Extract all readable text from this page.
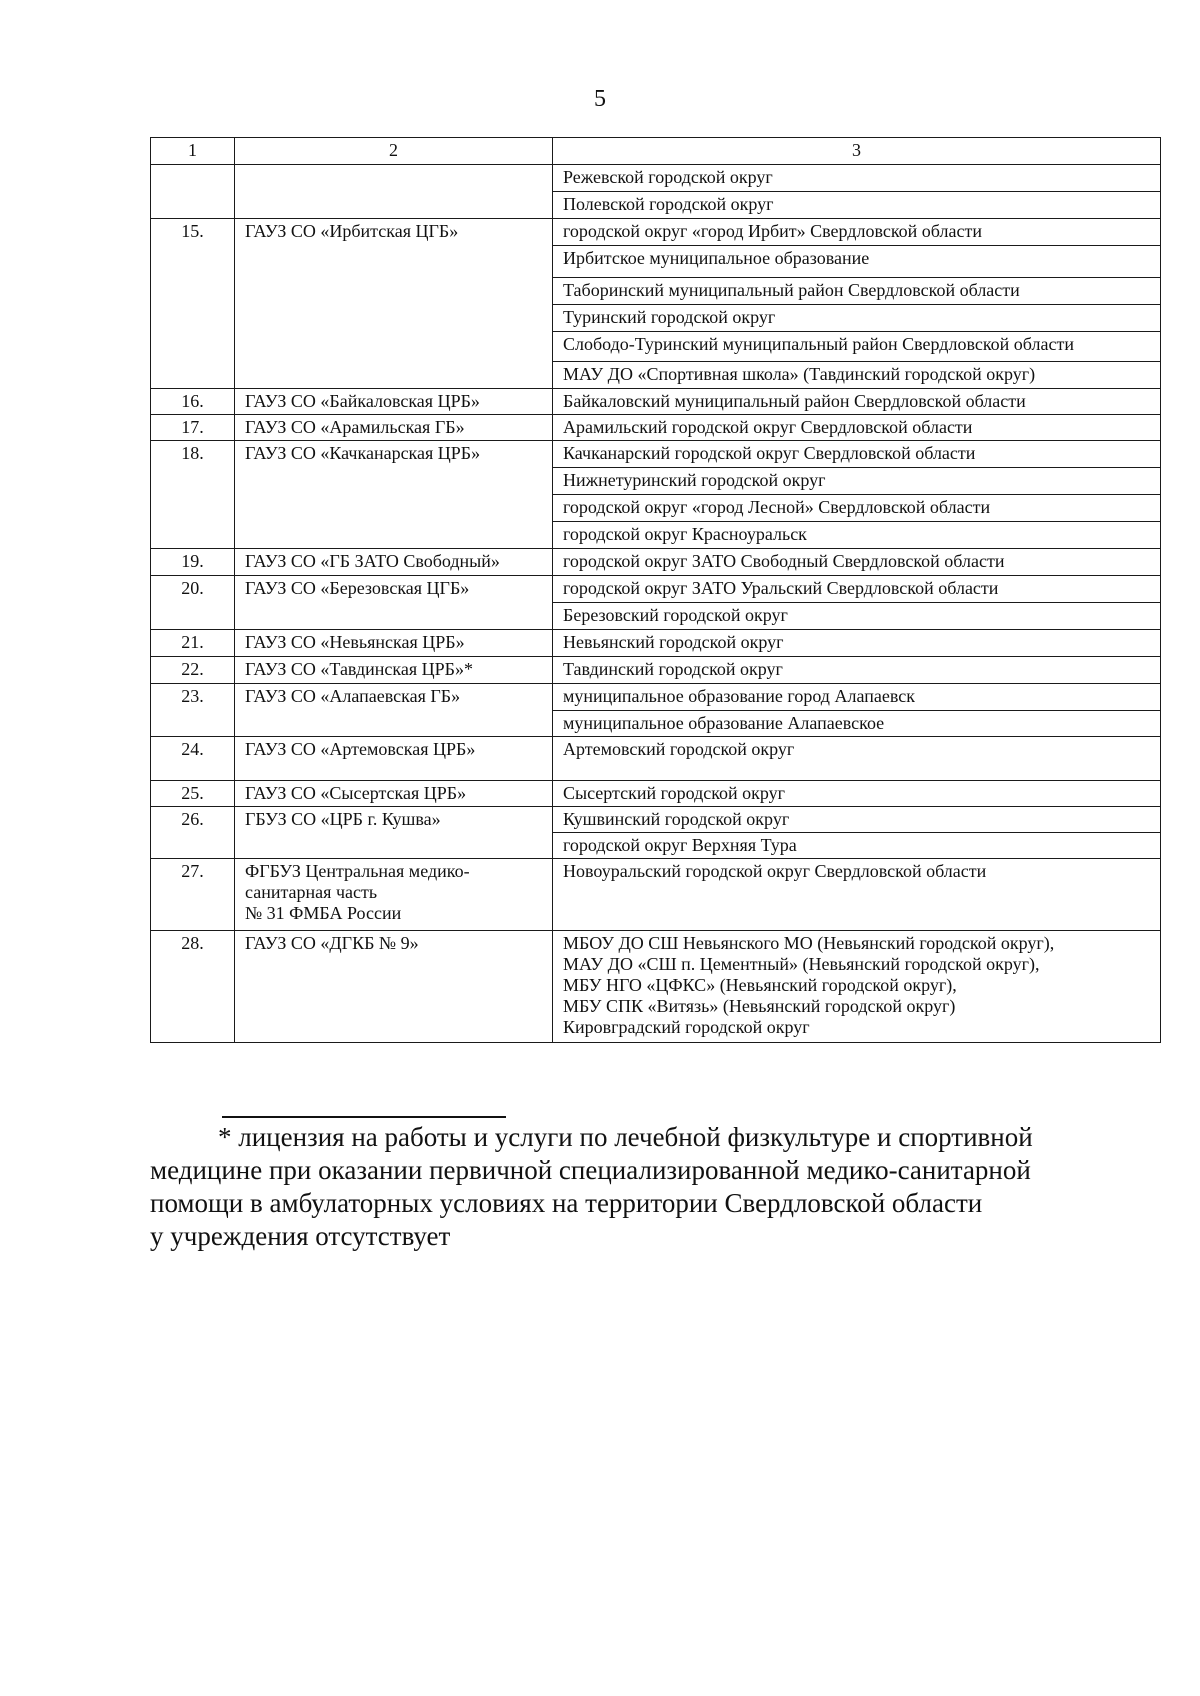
5
1	2	3
		Режевской городской округ
		Полевской городской округ
15.	ГАУЗ СО «Ирбитская ЦГБ»	городской округ «город Ирбит» Свердловской области
		Ирбитское муниципальное образование
		Таборинский муниципальный район Свердловской области
		Туринский городской округ
		Слободо-Туринский муниципальный район Свердловской области
		МАУ ДО «Спортивная школа» (Тавдинский городской округ)
16.	ГАУЗ СО «Байкаловская ЦРБ»	Байкаловский муниципальный район Свердловской области
17.	ГАУЗ СО «Арамильская ГБ»	Арамильский городской округ Свердловской области
18.	ГАУЗ СО «Качканарская ЦРБ»	Качканарский городской округ Свердловской области
		Нижнетуринский городской округ
		городской округ «город Лесной» Свердловской области
		городской округ Красноуральск
19.	ГАУЗ СО «ГБ ЗАТО Свободный»	городской округ ЗАТО Свободный Свердловской области
20.	ГАУЗ СО «Березовская ЦГБ»	городской округ ЗАТО Уральский Свердловской области
		Березовский городской округ
21.	ГАУЗ СО «Невьянская ЦРБ»	Невьянский городской округ
22.	ГАУЗ СО «Тавдинская ЦРБ»*	Тавдинский городской округ
23.	ГАУЗ СО «Алапаевская ГБ»	муниципальное образование город Алапаевск
		муниципальное образование Алапаевское
24.	ГАУЗ СО «Артемовская ЦРБ»	Артемовский городской округ
25.	ГАУЗ СО «Сысертская ЦРБ»	Сысертский городской округ
26.	ГБУЗ СО «ЦРБ г. Кушва»	Кушвинский городской округ
		городской округ Верхняя Тура
27.	ФГБУЗ Центральная медико-
санитарная часть
№ 31 ФМБА России	Новоуральский городской округ Свердловской области
28.	ГАУЗ СО «ДГКБ № 9»	МБОУ ДО СШ Невьянского МО (Невьянский городской округ),
МАУ ДО «СШ п. Цементный» (Невьянский городской округ),
МБУ НГО «ЦФКС» (Невьянский городской округ),
МБУ СПК «Витязь» (Невьянский городской округ)
Кировградский городской округ
* лицензия на работы и услуги по лечебной физкультуре и спортивной
медицине при оказании первичной специализированной медико-санитарной
помощи в амбулаторных условиях на территории Свердловской области
у учреждения отсутствует
